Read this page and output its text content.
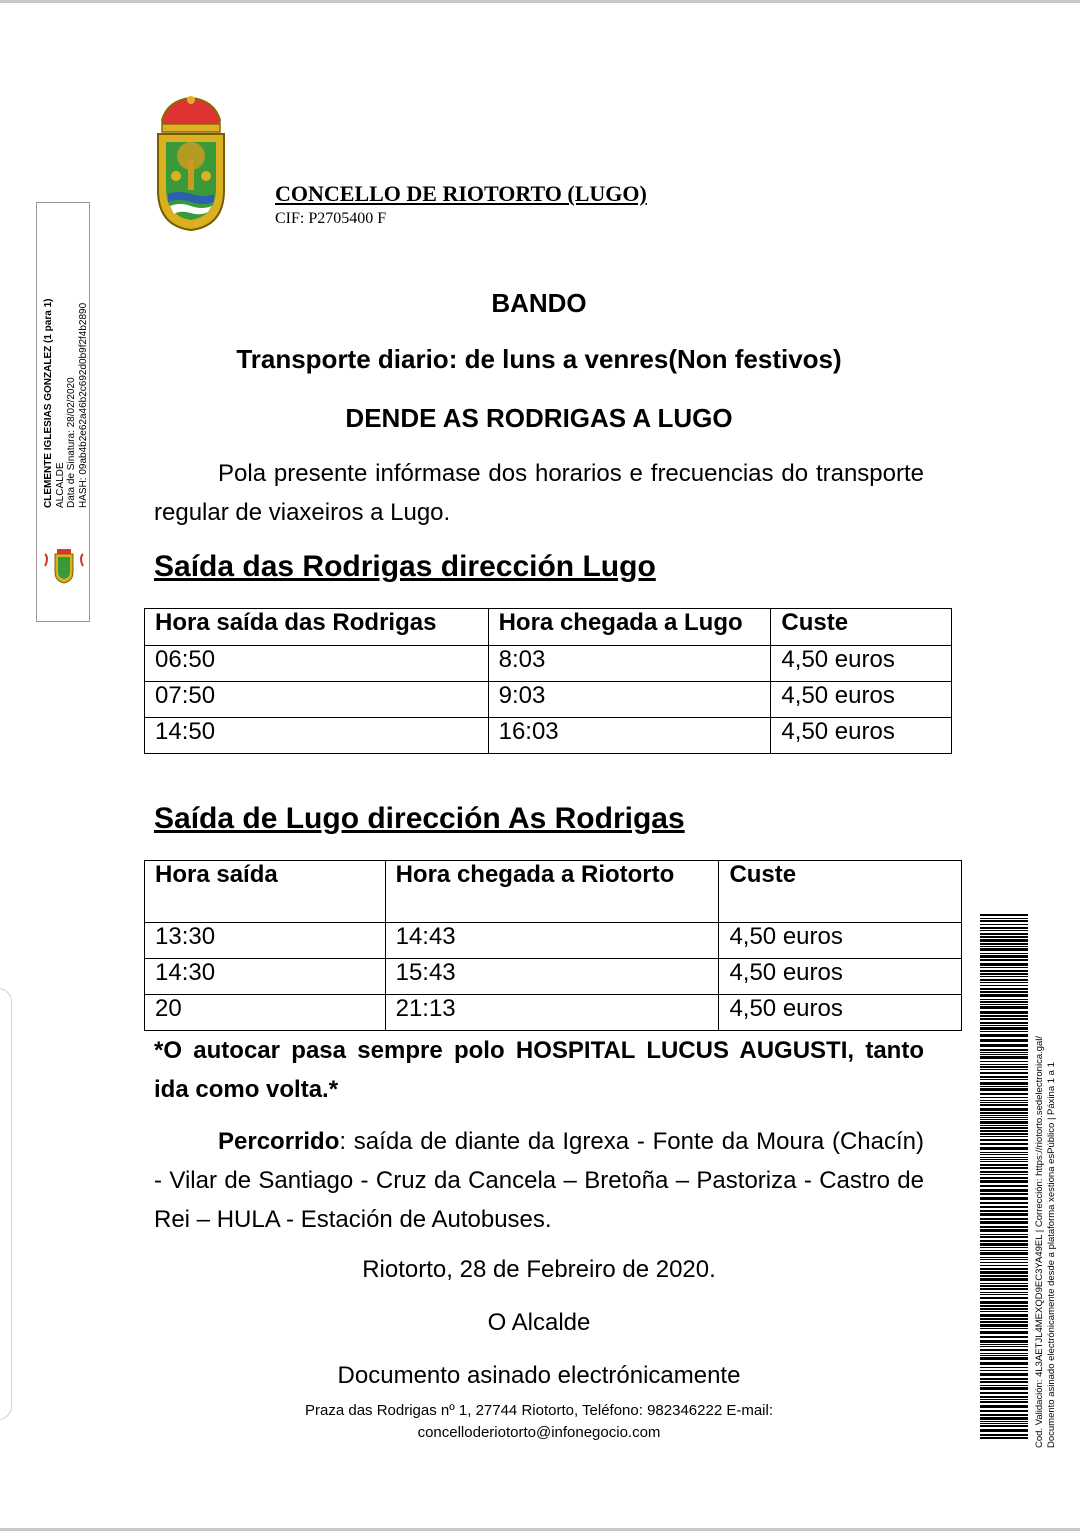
CONCELLO DE RIOTORTO (LUGO)
CIF: P2705400 F
CLEMENTE IGLESIAS GONZALEZ (1 para 1) ALCALDE Data de Sinatura: 28/02/2020 HASH: 09ab4b2e62a46b2c692d0b9f2f4b2890	BANDO
Transporte diario: de luns a venres(Non festivos)
DENDE AS RODRIGAS A LUGO
Pola presente infórmase dos horarios e frecuencias do transporte regular de viaxeiros a Lugo.
Saída das Rodrigas dirección Lugo
Hora saída das Rodrigas	Hora chegada a Lugo	Custe
06:50	8:03	4,50 euros
07:50	9:03	4,50 euros
14:50	16:03	4,50 euros
Saída de Lugo dirección As Rodrigas
Hora saída	Hora chegada a Riotorto	Custe
13:30	14:43	4,50 euros
14:30	15:43	4,50 euros
20	21:13	4,50 euros
*O autocar pasa sempre polo HOSPITAL LUCUS AUGUSTI, tanto ida como volta.*
Percorrido: saída de diante da Igrexa - Fonte da Moura (Chacín) - Vilar de Santiago - Cruz da Cancela – Bretoña – Pastoriza - Castro de Rei – HULA - Estación de Autobuses.
Riotorto, 28 de Febreiro de 2020.
O Alcalde
Documento asinado electrónicamente
Praza das Rodrigas nº 1, 27744 Riotorto, Teléfono: 982346222 E-mail:
concelloderiotorto@infonegocio.com	Cod. Validación: 4L3AETJL4MEXQD9EC3YA49EL | Corrección: https://riotorto.sedelectronica.gal/ Documento asinado electrónicamente desde a plataforma xestiona esPúblico | Páxina 1 a 1
